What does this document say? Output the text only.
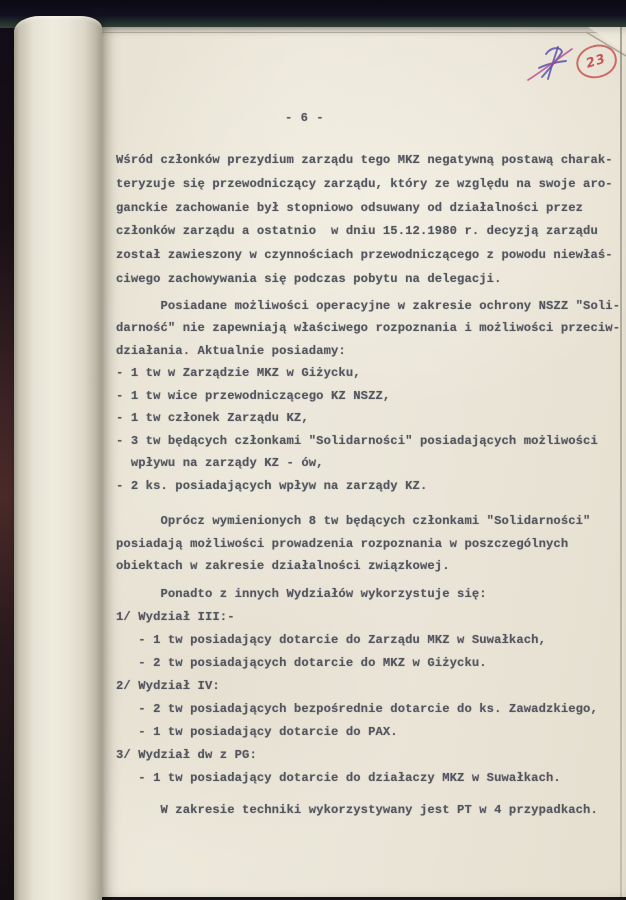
23
- 6 -
Wśród członków prezydium zarządu tego MKZ negatywną postawą charak-
teryzuje się przewodniczący zarządu, który ze względu na swoje aro-
ganckie zachowanie był stopniowo odsuwany od działalności przez
członków zarządu a ostatnio  w dniu 15.12.1980 r. decyzją zarządu
został zawieszony w czynnościach przewodniczącego z powodu niewłaś-
ciwego zachowywania się podczas pobytu na delegacji.
Posiadane możliwości operacyjne w zakresie ochrony NSZZ "Soli-
darność" nie zapewniają właściwego rozpoznania i możliwości przeciw-
działania. Aktualnie posiadamy:
- 1 tw w Zarządzie MKZ w Giżycku,
- 1 tw wice przewodniczącego KZ NSZZ,
- 1 tw członek Zarządu KZ,
- 3 tw będących członkami "Solidarności" posiadających możliwości
wpływu na zarządy KZ - ów,
- 2 ks. posiadających wpływ na zarządy KZ.
Oprócz wymienionych 8 tw będących członkami "Solidarności"
posiadają możliwości prowadzenia rozpoznania w poszczególnych
obiektach w zakresie działalności związkowej.
Ponadto z innych Wydziałów wykorzystuje się:
1/ Wydział III:-
- 1 tw posiadający dotarcie do Zarządu MKZ w Suwałkach,
- 2 tw posiadających dotarcie do MKZ w Giżycku.
2/ Wydział IV:
- 2 tw posiadających bezpośrednie dotarcie do ks. Zawadzkiego,
- 1 tw posiadający dotarcie do PAX.
3/ Wydział dw z PG:
- 1 tw posiadający dotarcie do działaczy MKZ w Suwałkach.
W zakresie techniki wykorzystywany jest PT w 4 przypadkach.
